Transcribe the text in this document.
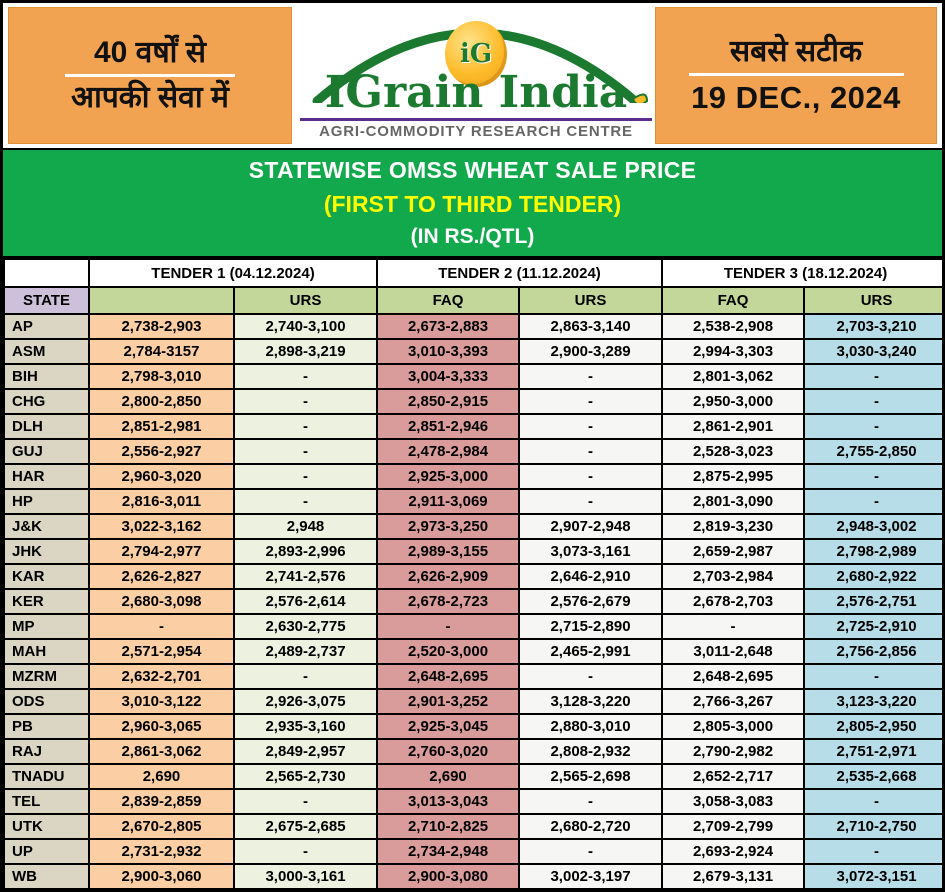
40 वर्षों से
आपकी सेवा में
iG
IGrain India
AGRI-COMMODITY RESEARCH CENTRE
सबसे सटीक
19 DEC., 2024
STATEWISE OMSS WHEAT SALE PRICE
(FIRST TO THIRD TENDER)
(IN RS./QTL)
	TENDER 1 (04.12.2024)		TENDER 2 (11.12.2024)		TENDER 3 (18.12.2024)	
STATE		URS	FAQ	URS	FAQ	URS
AP	2,738-2,903	2,740-3,100	2,673-2,883	2,863-3,140	2,538-2,908	2,703-3,210
ASM	2,784-3157	2,898-3,219	3,010-3,393	2,900-3,289	2,994-3,303	3,030-3,240
BIH	2,798-3,010	-	3,004-3,333	-	2,801-3,062	-
CHG	2,800-2,850	-	2,850-2,915	-	2,950-3,000	-
DLH	2,851-2,981	-	2,851-2,946	-	2,861-2,901	-
GUJ	2,556-2,927	-	2,478-2,984	-	2,528-3,023	2,755-2,850
HAR	2,960-3,020	-	2,925-3,000	-	2,875-2,995	-
HP	2,816-3,011	-	2,911-3,069	-	2,801-3,090	-
J&K	3,022-3,162	2,948	2,973-3,250	2,907-2,948	2,819-3,230	2,948-3,002
JHK	2,794-2,977	2,893-2,996	2,989-3,155	3,073-3,161	2,659-2,987	2,798-2,989
KAR	2,626-2,827	2,741-2,576	2,626-2,909	2,646-2,910	2,703-2,984	2,680-2,922
KER	2,680-3,098	2,576-2,614	2,678-2,723	2,576-2,679	2,678-2,703	2,576-2,751
MP	-	2,630-2,775	-	2,715-2,890	-	2,725-2,910
MAH	2,571-2,954	2,489-2,737	2,520-3,000	2,465-2,991	3,011-2,648	2,756-2,856
MZRM	2,632-2,701	-	2,648-2,695	-	2,648-2,695	-
ODS	3,010-3,122	2,926-3,075	2,901-3,252	3,128-3,220	2,766-3,267	3,123-3,220
PB	2,960-3,065	2,935-3,160	2,925-3,045	2,880-3,010	2,805-3,000	2,805-2,950
RAJ	2,861-3,062	2,849-2,957	2,760-3,020	2,808-2,932	2,790-2,982	2,751-2,971
TNADU	2,690	2,565-2,730	2,690	2,565-2,698	2,652-2,717	2,535-2,668
TEL	2,839-2,859	-	3,013-3,043	-	3,058-3,083	-
UTK	2,670-2,805	2,675-2,685	2,710-2,825	2,680-2,720	2,709-2,799	2,710-2,750
UP	2,731-2,932	-	2,734-2,948	-	2,693-2,924	-
WB	2,900-3,060	3,000-3,161	2,900-3,080	3,002-3,197	2,679-3,131	3,072-3,151
